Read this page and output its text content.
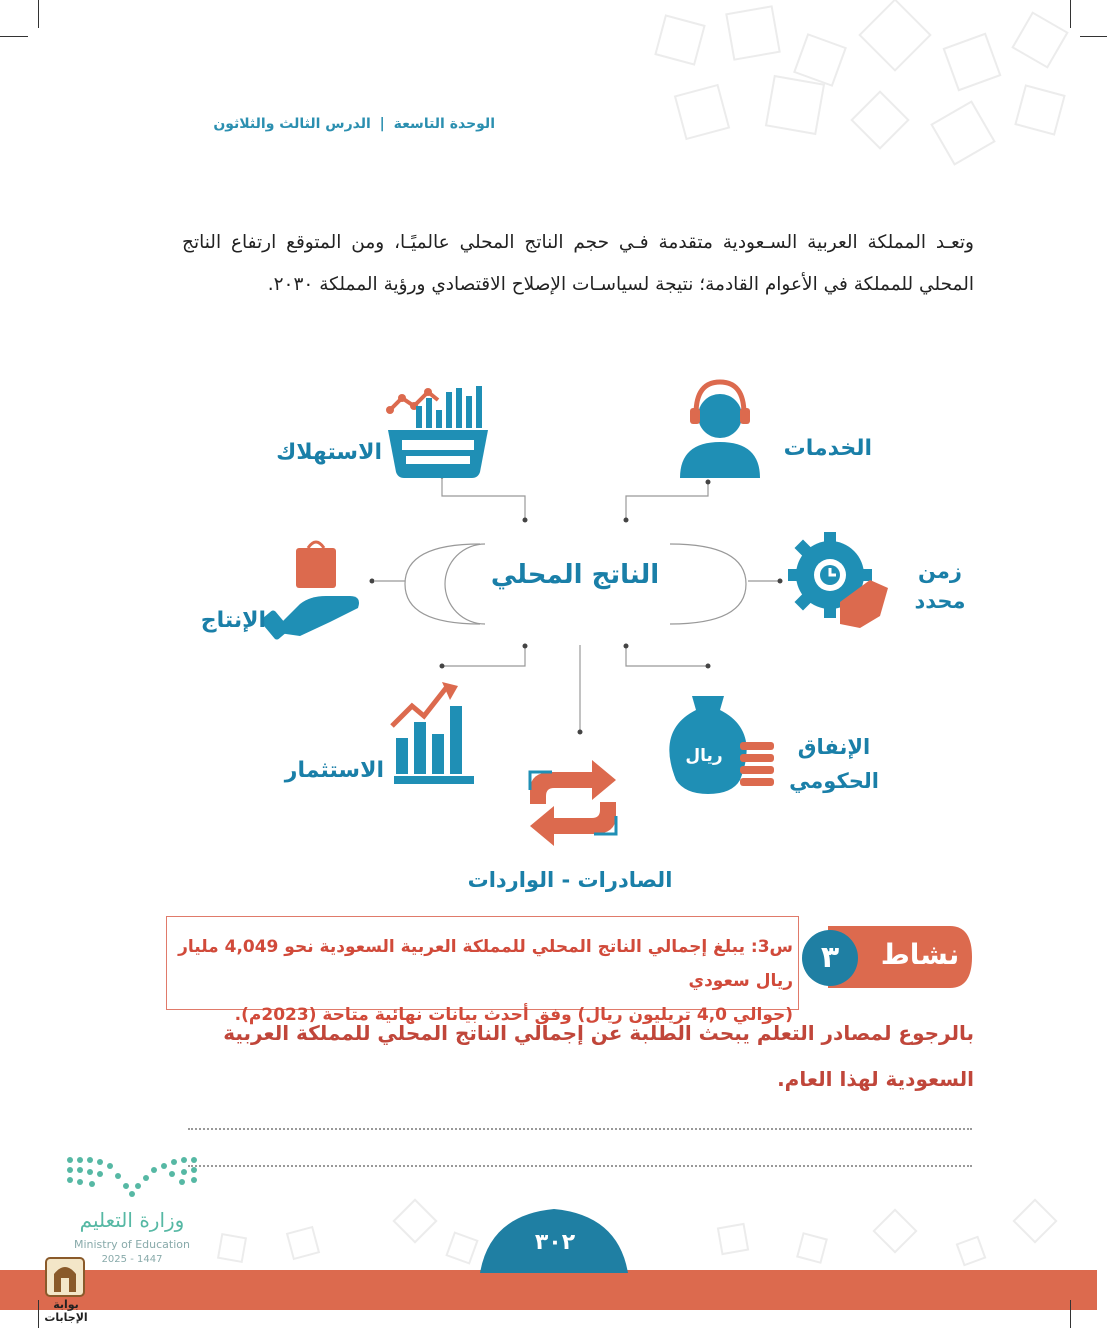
الوحدة التاسعة | الدرس الثالث والثلاثون
وتعـد المملكة العربية السـعودية متقدمة فـي حجم الناتج المحلي عالميًـا، ومن المتوقع ارتفاع الناتج المحلي للمملكة في الأعوام القادمة؛ نتيجة لسياسـات الإصلاح الاقتصادي ورؤية المملكة ٢٠٣٠.
الناتج المحلي
الاستهلاك	الخدمات
الإنتاج
زمن
محدد
الاستثمار
الإنفاق
الحكومي
ريال
الصادرات - الواردات
س3: يبلغ إجمالي الناتج المحلي للمملكة العربية السعودية نحو 4,049 مليار ريال سعودي
(حوالي 4,0 تريليون ريال) وفق أحدث بيانات نهائية متاحة (2023م).
٣	نشاط
بالرجوع لمصادر التعلم يبحث الطلبة عن إجمالي الناتج المحلي للمملكة العربية السعودية لهذا العام.
وزارة التعليم
Ministry of Education
2025 - 1447
٣٠٢
بوابة الإجابات
